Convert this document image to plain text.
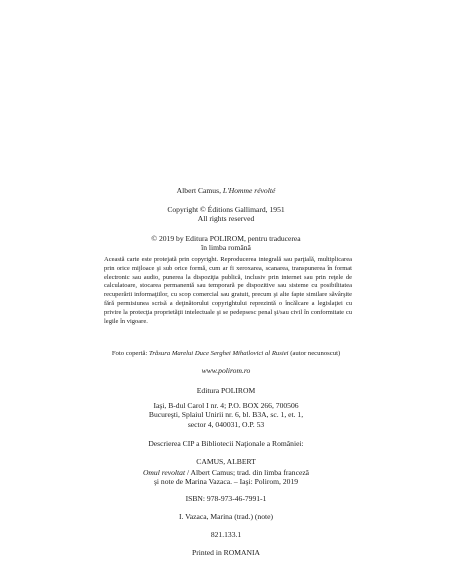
Albert Camus, L'Homme révolté
Copyright © Éditions Gallimard, 1951
All rights reserved
© 2019 by Editura POLIROM, pentru traducerea
în limba română
Această carte este protejată prin copyright. Reproducerea integrală sau parţială, multiplicarea prin orice mijloace şi sub orice formă, cum ar fi xeroxarea, scanarea, transpunerea în format electronic sau audio, punerea la dispoziţia publică, inclusiv prin internet sau prin reţele de calculatoare, stocarea permanentă sau temporară pe dispozitive sau sisteme cu posibilitatea recuperării informaţiilor, cu scop comercial sau gratuit, precum şi alte fapte similare săvârşite fără permisiunea scrisă a deţinătorului copyrightului reprezintă o încălcare a legislaţiei cu privire la protecţia proprietăţii intelectuale şi se pedepsesc penal şi/sau civil în conformitate cu legile în vigoare.
Foto copertă: Trăsura Marelui Duce Serghei Mihailovici al Rusiei (autor necunoscut)
www.polirom.ro
Editura POLIROM
Iaşi, B-dul Carol I nr. 4; P.O. BOX 266, 700506
Bucureşti, Splaiul Unirii nr. 6, bl. B3A, sc. 1, et. 1,
sector 4, 040031, O.P. 53
Descrierea CIP a Bibliotecii Naţionale a României:
CAMUS, ALBERT
Omul revoltat / Albert Camus; trad. din limba franceză
şi note de Marina Vazaca. – Iaşi: Polirom, 2019
ISBN: 978-973-46-7991-1
I. Vazaca, Marina (trad.) (note)
821.133.1
Printed in ROMANIA
